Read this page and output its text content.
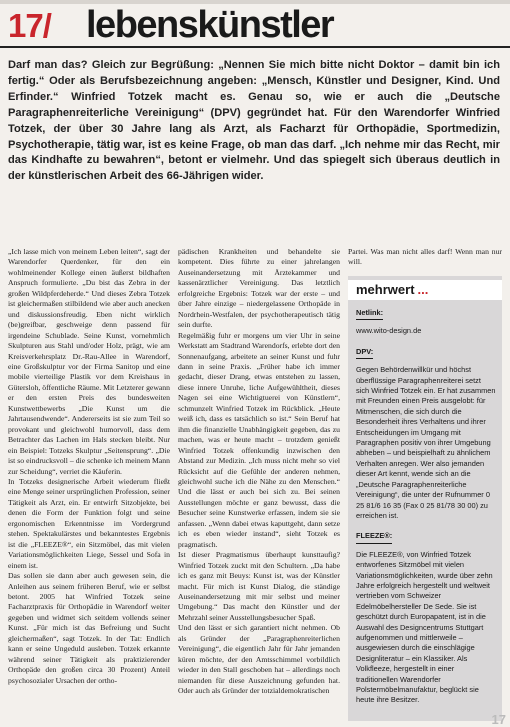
17/ lebenskünstler
Darf man das? Gleich zur Begrüßung: „Nennen Sie mich bitte nicht Doktor – damit bin ich fertig.“ Oder als Berufsbezeichnung angeben: „Mensch, Künstler und Designer, Kind. Und Erfinder.“ Winfried Totzek macht es. Genau so, wie er auch die „Deutsche Paragraphenreiterliche Vereinigung“ (DPV) gegründet hat. Für den Warendorfer Winfried Totzek, der über 30 Jahre lang als Arzt, als Facharzt für Orthopädie, Sportmedizin, Psychotherapie, tätig war, ist es keine Frage, ob man das darf. „Ich nehme mir das Recht, mir das Kindhafte zu bewahren“, betont er vielmehr. Und das spiegelt sich überaus deutlich in der künstlerischen Arbeit des 66-Jährigen wider.

„Ich lasse mich von meinem Leben leiten“, sagt der Warendorfer Querdenker, für den ein wohlmeinender Kollege einen äußerst bildhaften Anspruch formulierte. „Du bist das Zebra in der großen Wildpferdeherde.“ Und dieses Zebra Totzek ist gleichermaßen stilbildend wie aber auch anecken und diskussionsfreudig. Eben nicht wirklich (be)greifbar, geschweige denn passend für irgendeine Schublade. Seine Kunst, vornehmlich Skulpturen aus Stahl und/oder Holz, prägt, wie am Kreisverkehrsplatz Dr.-Rau-Allee in Warendorf, eine Großskulptur vor der Firma Sanitop und eine mobile vierteilige Plastik vor dem Kreishaus in Gütersloh, öffentliche Räume. Mit Letzterer gewann er den ersten Preis des bundesweiten Kunstwettbewerbs „Die Kunst um die Jahrtausendwende“. Andererseits ist sie zum Teil so provokant und gleichwohl humorvoll, dass dem Betrachter das Lachen im Hals stecken bleibt. Nur ein Beispiel: Totzeks Skulptur „Seitensprung“. „Die ist so eindrucksvoll – die schenke ich meinem Mann zur Scheidung“, verriet die Käuferin.

In Totzeks designerische Arbeit wiederum fließt eine Menge seiner ursprünglichen Profession, seiner Tätigkeit als Arzt, ein. Er entwirft Sitzobjekte, bei denen die Form der Funktion folgt und seine ergonomischen Erkenntnisse im Vordergrund stehen. Spektakulärstes und bekanntestes Ergebnis ist die „FLEEZE®“, ein Sitzmöbel, das mit vielen Variationsmöglichkeiten Liege, Sessel und Sofa in einem ist.

Das sollen sie dann aber auch gewesen sein, die Anleihen aus seinem früheren Beruf, wie er selbst betont. 2005 hat Winfried Totzek seine Facharztpraxis für Orthopädie in Warendorf weiter gegeben und widmet sich seitdem vollends seiner Kunst. „Für mich ist das Befreiung und Sucht gleichermaßen“, sagt Totzek. In der Tat: Endlich kann er seine Ungeduld ausleben. Totzek erkannte während seiner Tätigkeit als praktizierender Orthopäde den großen circa 30 Prozent) Anteil psychosozialer Ursachen der ortho-

pädischen Krankheiten und behandelte sie kompetent. Dies führte zu einer jahrelangen Auseinandersetzung mit Ärztekammer und kassenärztlicher Vereinigung. Das letztlich erfolgreiche Ergebnis: Totzek war der erste – und über Jahre einzige – niedergelassene Orthopäde in Nordrhein-Westfalen, der psychotherapeutisch tätig sein durfte.

Regelmäßig fuhr er morgens um vier Uhr in seine Werkstatt am Stadtrand Warendorfs, erlebte dort den Sonnenaufgang, arbeitete an seiner Kunst und fuhr dann in seine Praxis. „Früher habe ich immer gedacht, dieser Drang, etwas entstehen zu lassen, diese innere Unruhe, liche Aufgewühltheit, dieses Nagen sei eine Wichtigtuerei von Künstlern“, schmunzelt Winfried Totzek im Rückblick. „Heute weiß ich, dass es tatsächlich so ist.“ Sein Beruf hat ihm die finanzielle Unabhängigkeit gegeben, das zu machen, was er heute macht – trotzdem genießt Winfried Totzek offenkundig inzwischen den Abstand zur Medizin. „Ich muss nicht mehr so viel Rücksicht auf die Gefühle der anderen nehmen, gleichwohl suche ich die Nähe zu den Menschen.“ Und die lässt er auch bei sich zu. Bei seinen Ausstellungen möchte er ganz bewusst, dass die Besucher seine Kunstwerke erfassen, indem sie sie anfassen. „Wenn dabei etwas kaputtgeht, dann setze ich es eben wieder instand“, sieht Totzek es pragmatisch.

Ist dieser Pragmatismus überhaupt kunsttaufig? Winfried Totzek zuckt mit den Schultern. „Da habe ich es ganz mit Beuys: Kunst ist, was der Künstler macht. Für mich ist Kunst Dialog, die ständige Auseinandersetzung mit mir selbst und meiner Umgebung.“ Das macht den Künstler und der Mehrzahl seiner Ausstellungsbesucher Spaß.

Und den lässt er sich garantiert nicht nehmen. Ob als Gründer der „Paragraphenreiterlichen Vereinigung“, die eigentlich Jahr für Jahr jemanden küren möchte, der den Amtsschimmel vorbildlich wieder in den Stall geschoben hat – allerdings noch niemanden für diese Auszeichnung gefunden hat. Oder auch als Gründer der totzialdemokratischen

Partei. Was man nicht alles darf! Wenn man nur will.

mehrwert ...
Netlink:

www.wito-design.de

DPV:

Gegen Behördenwillkür und höchst überflüssige Paragraphenreiterei setzt sich Winfried Totzek ein. Er hat zusammen mit Freunden einen Preis ausgelobt: für Mitmenschen, die sich durch die Besonderheit ihres Verhaltens und ihrer Entscheidungen im Umgang mit Paragraphen positiv von ihrer Umgebung abheben – und beispielhaft zu ähnlichem Verhalten anregen. Wer also jemanden dieser Art kennt, wende sich an die „Deutsche Paragraphenreiterliche Vereinigung“, die unter der Rufnummer 0 25 81/6 16 35 (Fax 0 25 81/78 30 00) zu erreichen ist.

FLEEZE®:

Die FLEEZE®, von Winfried Totzek entworfenes Sitzmöbel mit vielen Variationsmöglichkeiten, wurde über zehn Jahre erfolgreich hergestellt und weltweit vertrieben vom Schweizer Edelmöbelhersteller De Sede. Sie ist geschützt durch Europapatent, ist in die Auswahl des Designcentrums Stuttgart aufgenommen und mittlerweile – ausgewiesen durch die einschlägige Designliteratur – ein Klassiker. Als Volkfleeze, hergestellt in einer traditionellen Warendorfer Polstermöbelmanufaktur, beglückt sie heute ihre Besitzer.

17
